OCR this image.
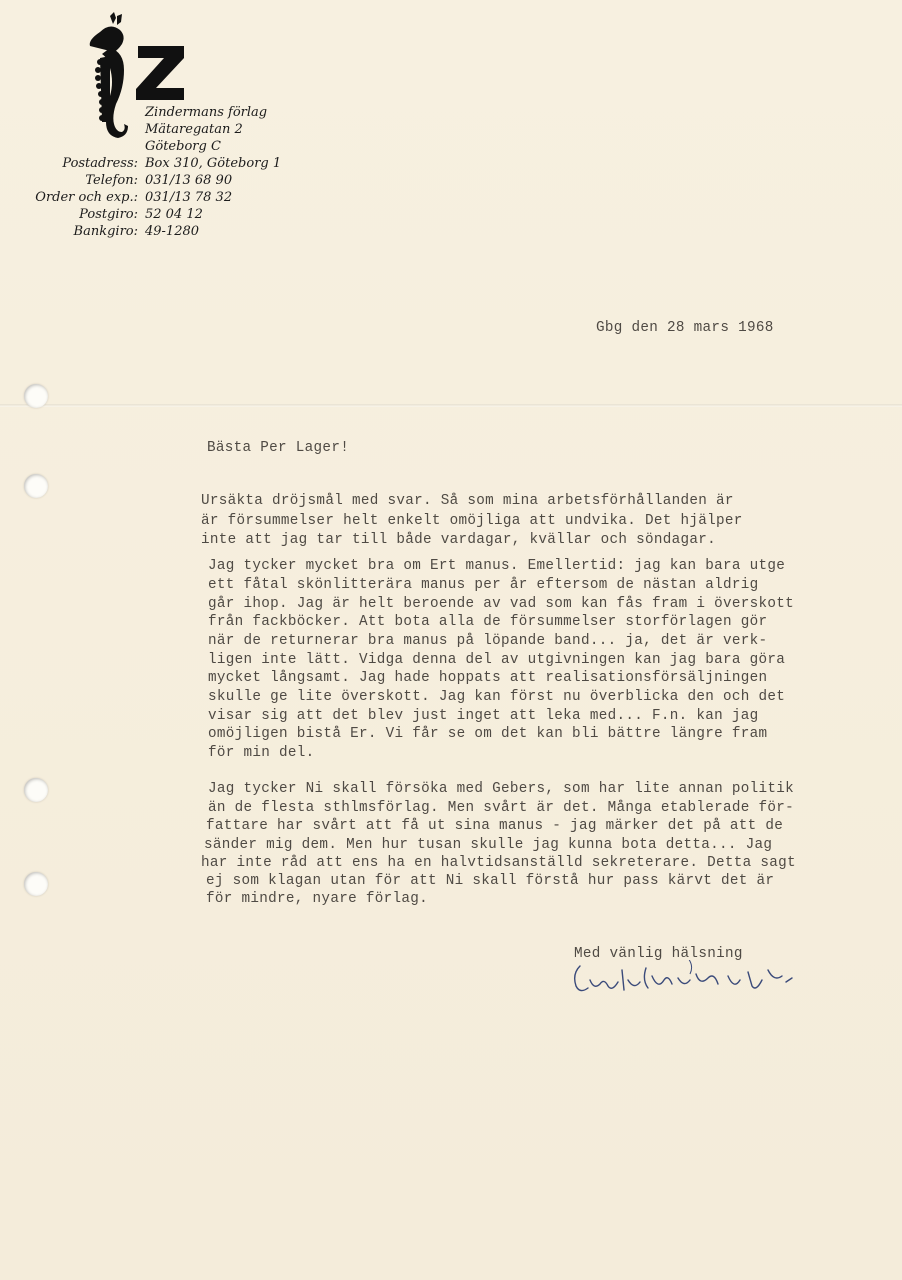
Zindermans förlag
Mätaregatan 2
Göteborg C
Postadress: Box 310, Göteborg 1
Telefon: 031/13 68 90
Order och exp.: 031/13 78 32
Postgiro: 52 04 12
Bankgiro: 49-1280
Gbg den 28 mars 1968
Bästa Per Lager!
Ursäkta dröjsmål med svar. Så som mina arbetsförhållanden är
är försummelser helt enkelt omöjliga att undvika. Det hjälper
inte att jag tar till både vardagar, kvällar och söndagar.
Jag tycker mycket bra om Ert manus. Emellertid: jag kan bara utge
ett fåtal skönlitterära manus per år eftersom de nästan aldrig
går ihop. Jag är helt beroende av vad som kan fås fram i överskott
från fackböcker. Att bota alla de försummelser storförlagen gör
när de returnerar bra manus på löpande band... ja, det är verk-
ligen inte lätt. Vidga denna del av utgivningen kan jag bara göra
mycket långsamt. Jag hade hoppats att realisationsförsäljningen
skulle ge lite överskott. Jag kan först nu överblicka den och det
visar sig att det blev just inget att leka med... F.n. kan jag
omöjligen bistå Er. Vi får se om det kan bli bättre längre fram
för min del.
Jag tycker Ni skall försöka med Gebers, som har lite annan politik
än de flesta sthlmsförlag. Men svårt är det. Många etablerade för-
fattare har svårt att få ut sina manus - jag märker det på att de
sänder mig dem. Men hur tusan skulle jag kunna bota detta... Jag
har inte råd att ens ha en halvtidsanställd sekreterare. Detta sagt
ej som klagan utan för att Ni skall förstå hur pass kärvt det är
för mindre, nyare förlag.
Med vänlig hälsning
